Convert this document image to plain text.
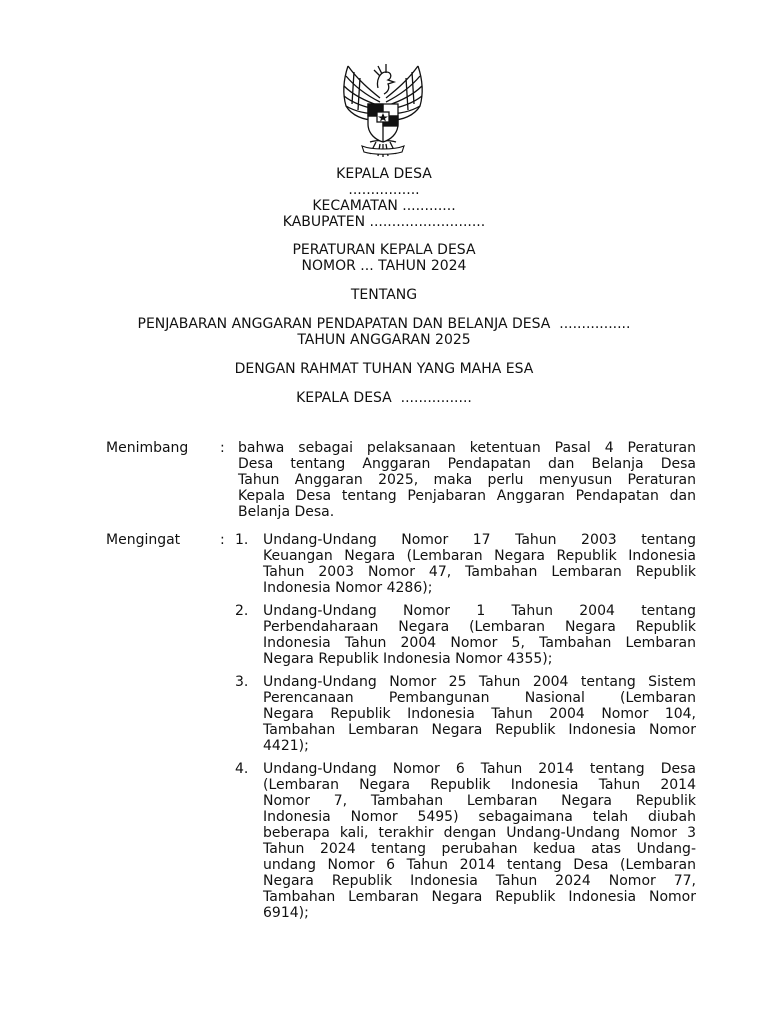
KEPALA DESA
................
KECAMATAN ............
KABUPATEN ..........................
PERATURAN KEPALA DESA
NOMOR ... TAHUN 2024
TENTANG
PENJABARAN ANGGARAN PENDAPATAN DAN BELANJA DESA  ................
TAHUN ANGGARAN 2025
DENGAN RAHMAT TUHAN YANG MAHA ESA
KEPALA DESA  ................
Menimbang : bahwa sebagai pelaksanaan ketentuan Pasal 4 Peraturan
Desa tentang Anggaran Pendapatan dan Belanja Desa
Tahun Anggaran 2025, maka perlu menyusun Peraturan
Kepala Desa tentang Penjabaran Anggaran Pendapatan dan
Belanja Desa.
Mengingat	: 1. Undang-Undang Nomor 17 Tahun 2003 tentang
Keuangan Negara (Lembaran Negara Republik Indonesia
Tahun 2003 Nomor 47, Tambahan Lembaran Republik
Indonesia Nomor 4286);
2. Undang-Undang Nomor 1 Tahun 2004 tentang
Perbendaharaan Negara (Lembaran Negara Republik
Indonesia Tahun 2004 Nomor 5, Tambahan Lembaran
Negara Republik Indonesia Nomor 4355);
3. Undang-Undang Nomor 25 Tahun 2004 tentang Sistem
Perencanaan Pembangunan Nasional (Lembaran
Negara Republik Indonesia Tahun 2004 Nomor 104,
Tambahan Lembaran Negara Republik Indonesia Nomor
4421);
4. Undang-Undang Nomor 6 Tahun 2014 tentang Desa
(Lembaran Negara Republik Indonesia Tahun 2014
Nomor 7, Tambahan Lembaran Negara Republik
Indonesia Nomor 5495) sebagaimana telah diubah
beberapa kali, terakhir dengan Undang-Undang Nomor 3
Tahun 2024 tentang perubahan kedua atas Undang-
undang Nomor 6 Tahun 2014 tentang Desa (Lembaran
Negara Republik Indonesia Tahun 2024 Nomor 77,
Tambahan Lembaran Negara Republik Indonesia Nomor
6914);
